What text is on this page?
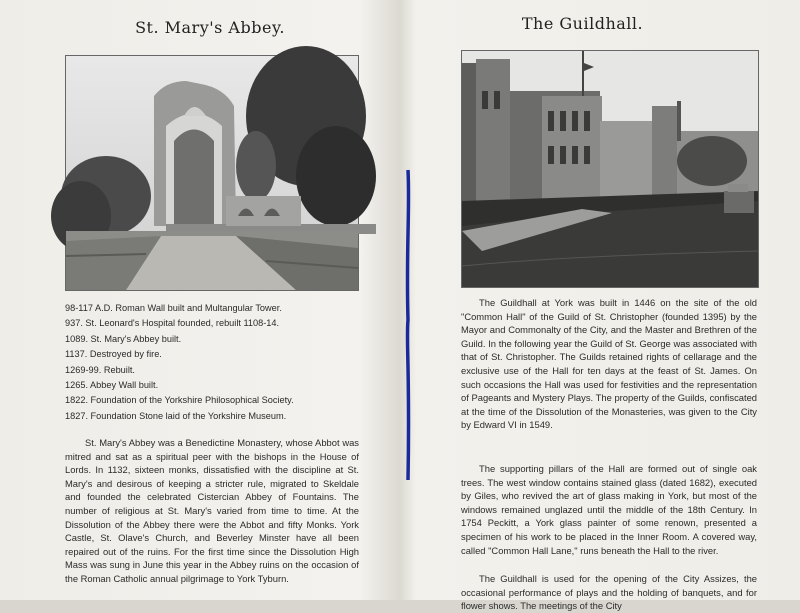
St. Mary's Abbey.
98-117 A.D. Roman Wall built and Multangular Tower.
937. St. Leonard's Hospital founded, rebuilt 1108-14.
1089. St. Mary's Abbey built.
1137. Destroyed by fire.
1269-99. Rebuilt.
1265. Abbey Wall built.
1822. Foundation of the Yorkshire Philosophical Society.
1827. Foundation Stone laid of the Yorkshire Museum.

St. Mary's Abbey was a Benedictine Monastery, whose Abbot was mitred and sat as a spiritual peer with the bishops in the House of Lords. In 1132, sixteen monks, dissatisfied with the discipline at St. Mary's and desirous of keeping a stricter rule, migrated to Skeldale and founded the celebrated Cistercian Abbey of Fountains. The number of religious at St. Mary's varied from time to time. At the Dissolution of the Abbey there were the Abbot and fifty Monks. York Castle, St. Olave's Church, and Beverley Minster have all been repaired out of the ruins. For the first time since the Dissolution High Mass was sung in June this year in the Abbey ruins on the occasion of the Roman Catholic annual pilgrimage to York Tyburn.

The Guildhall.

The Guildhall at York was built in 1446 on the site of the old "Common Hall" of the Guild of St. Christopher (founded 1395) by the Mayor and Commonalty of the City, and the Master and Brethren of the Guild. In the following year the Guild of St. George was associated with that of St. Christopher. The Guilds retained rights of cellarage and the exclusive use of the Hall for ten days at the feast of St. James. On such occasions the Hall was used for festivities and the representation of Pageants and Mystery Plays. The property of the Guilds, confiscated at the time of the Dissolution of the Monasteries, was given to the City by Edward VI in 1549.

The supporting pillars of the Hall are formed out of single oak trees. The west window contains stained glass (dated 1682), executed by Giles, who revived the art of glass making in York, but most of the windows remained unglazed until the middle of the 18th Century. In 1754 Peckitt, a York glass painter of some renown, presented a specimen of his work to be placed in the Inner Room. A covered way, called "Common Hall Lane," runs beneath the Hall to the river.

The Guildhall is used for the opening of the City Assizes, the occasional performance of plays and the holding of banquets, and for flower shows. The meetings of the City
